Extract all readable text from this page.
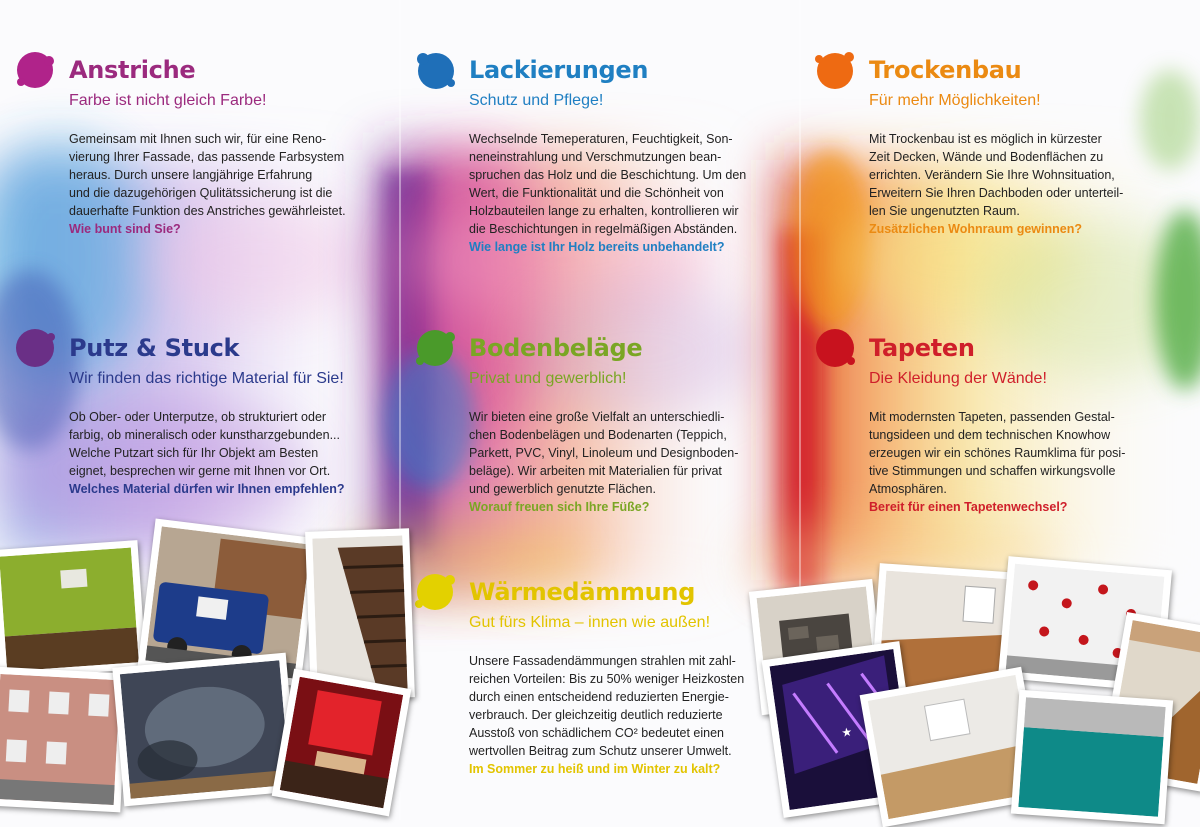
Anstriche

Farbe ist nicht gleich Farbe!

Gemeinsam mit Ihnen such wir, für eine Reno-
vierung Ihrer Fassade, das passende Farbsystem
heraus. Durch unsere langjährige Erfahrung
und die dazugehörigen Qulitätssicherung ist die
dauerhafte Funktion des Anstriches gewährleistet.

Wie bunt sind Sie?

Putz & Stuck

Wir finden das richtige Material für Sie!

Ob Ober- oder Unterputze, ob strukturiert oder
farbig, ob mineralisch oder kunstharzgebunden...
Welche Putzart sich für Ihr Objekt am Besten
eignet, besprechen wir gerne mit Ihnen vor Ort.

Welches Material dürfen wir Ihnen empfehlen?

Lackierungen

Schutz und Pflege!

Wechselnde Temeperaturen, Feuchtigkeit, Son-
neneinstrahlung und Verschmutzungen bean-
spruchen das Holz und die Beschichtung. Um den
Wert, die Funktionalität und die Schönheit von
Holzbauteilen lange zu erhalten, kontrollieren wir
die Beschichtungen in regelmäßigen Abständen.

Wie lange ist Ihr Holz bereits unbehandelt?

Bodenbeläge

Privat und gewerblich!

Wir bieten eine große Vielfalt an unterschiedli-
chen Bodenbelägen und Bodenarten (Teppich,
Parkett, PVC, Vinyl, Linoleum und Designboden-
beläge). Wir arbeiten mit Materialien für privat
und gewerblich genutzte Flächen.

Worauf freuen sich Ihre Füße?

Wärmedämmung

Gut fürs Klima – innen wie außen!

Unsere Fassadendämmungen strahlen mit zahl-
reichen Vorteilen: Bis zu 50% weniger Heizkosten
durch einen entscheidend reduzierten Energie-
verbrauch. Der gleichzeitig deutlich reduzierte
Ausstoß von schädlichem CO² bedeutet einen
wertvollen Beitrag zum Schutz unserer Umwelt.

Im Sommer zu heiß und im Winter zu kalt?

Trockenbau

Für mehr Möglichkeiten!

Mit Trockenbau ist es möglich in kürzester
Zeit Decken, Wände und Bodenflächen zu
errichten. Verändern Sie Ihre Wohnsituation,
Erweitern Sie Ihren Dachboden oder unterteil-
len Sie ungenutzten Raum.

Zusätzlichen Wohnraum gewinnen?

Tapeten

Die Kleidung der Wände!

Mit modernsten Tapeten, passenden Gestal-
tungsideen und dem technischen Knowhow
erzeugen wir ein schönes Raumklima für posi-
tive Stimmungen und schaffen wirkungsvolle
Atmosphären.

Bereit für einen Tapetenwechsel?

★
